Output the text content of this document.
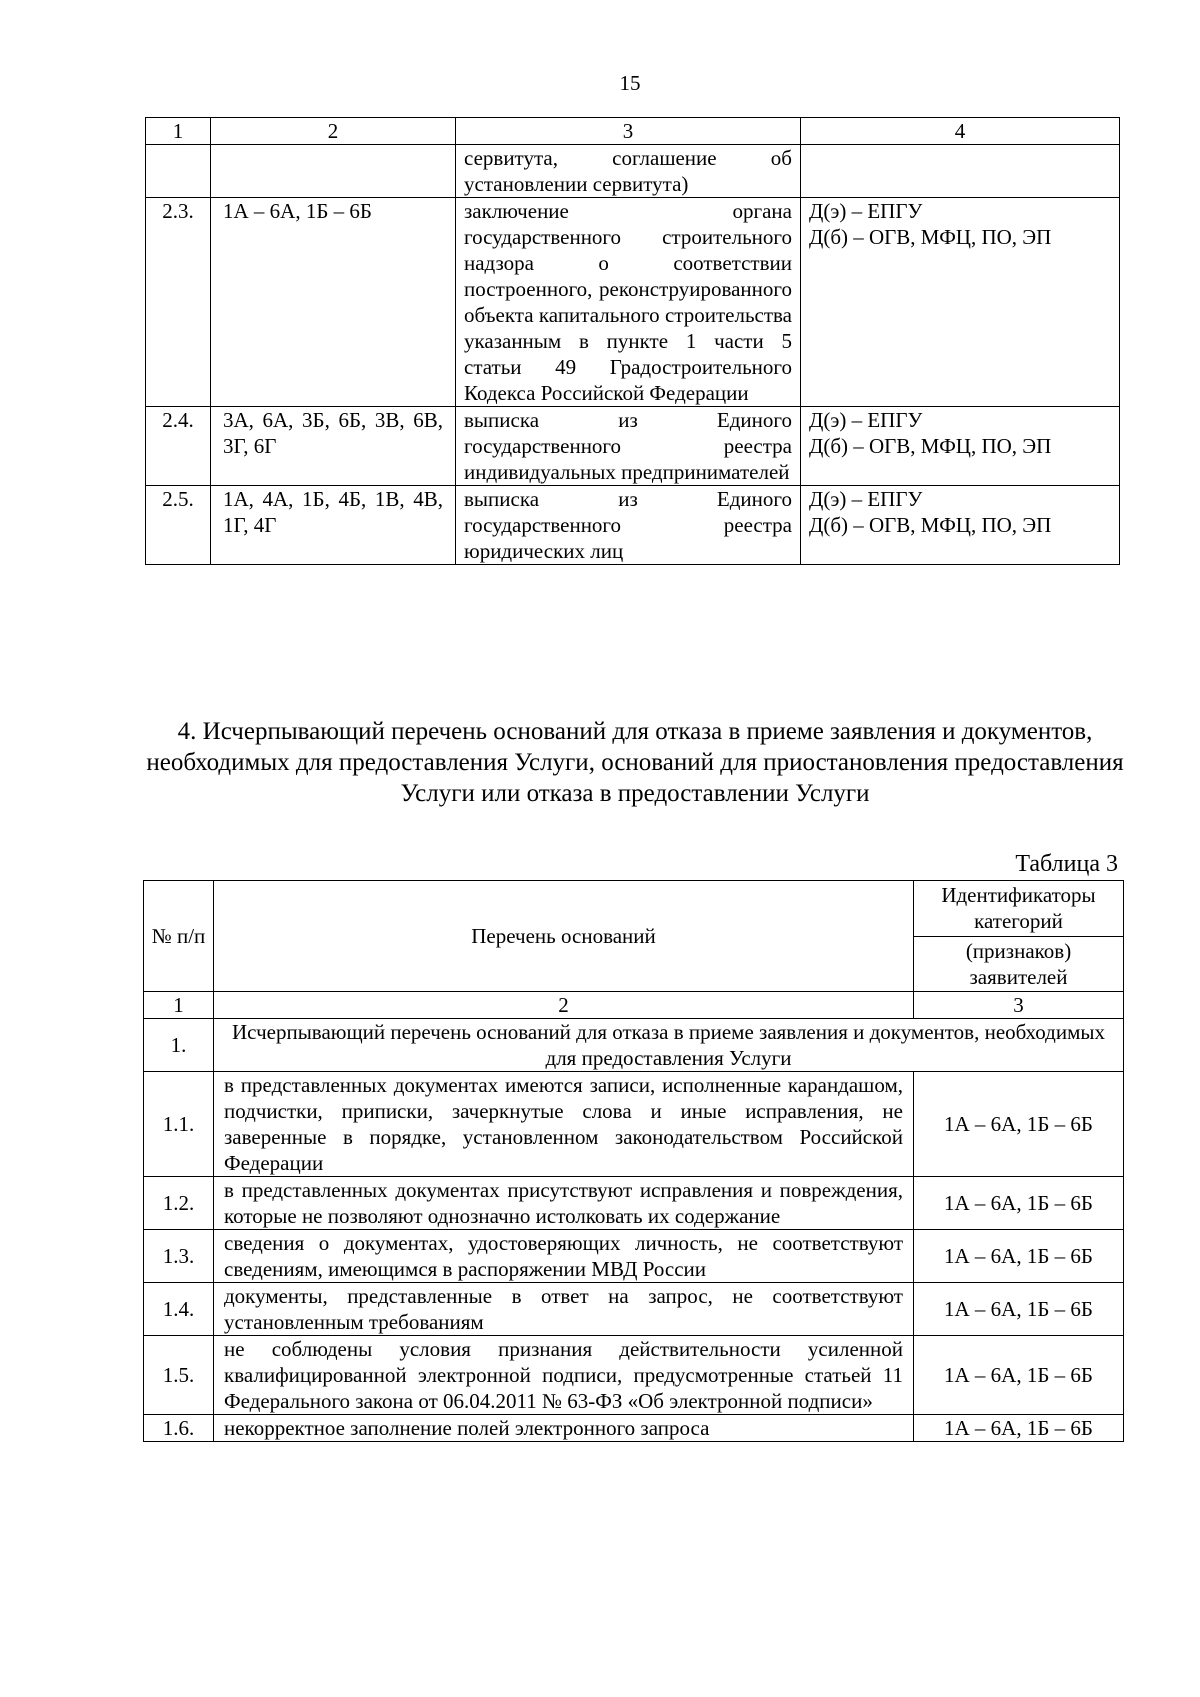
15
1	2	3	4
		сервитута, соглашение об установлении сервитута)	
2.3.	1А – 6А, 1Б – 6Б	заключение органа государственного строительного надзора о соответствии построенного, реконструированного объекта капитального строительства указанным в пункте 1 части 5 статьи 49 Градостроительного Кодекса Российской Федерации	Д(э) – ЕПГУ
Д(б) – ОГВ, МФЦ, ПО, ЭП

2.4.	3А, 6А, 3Б, 6Б, 3В, 6В, 3Г, 6Г	выписка из Единого государственного реестра индивидуальных предпринимателей	Д(э) – ЕПГУ
Д(б) – ОГВ, МФЦ, ПО, ЭП

2.5.	1А, 4А, 1Б, 4Б, 1В, 4В, 1Г, 4Г	выписка из Единого государственного реестра юридических лиц	Д(э) – ЕПГУ
Д(б) – ОГВ, МФЦ, ПО, ЭП
4. Исчерпывающий перечень оснований для отказа в приеме заявления и документов, необходимых для предоставления Услуги, оснований для приостановления предоставления Услуги или отказа в предоставлении Услуги
Таблица 3
№ п/п	Перечень оснований	Идентификаторы категорий
		(признаков) заявителей
1	2	3
1.	Исчерпывающий перечень оснований для отказа в приеме заявления и документов, необходимых для предоставления Услуги	
1.1.	в представленных документах имеются записи, исполненные карандашом, подчистки, приписки, зачеркнутые слова и иные исправления, не заверенные в порядке, установленном законодательством Российской Федерации	1А – 6А, 1Б – 6Б
1.2.	в представленных документах присутствуют исправления и повреждения, которые не позволяют однозначно истолковать их содержание	1А – 6А, 1Б – 6Б
1.3.	сведения о документах, удостоверяющих личность, не соответствуют сведениям, имеющимся в распоряжении МВД России	1А – 6А, 1Б – 6Б
1.4.	документы, представленные в ответ на запрос, не соответствуют установленным требованиям	1А – 6А, 1Б – 6Б
1.5.	не соблюдены условия признания действительности усиленной квалифицированной электронной подписи, предусмотренные статьей 11 Федерального закона от 06.04.2011 № 63-ФЗ «Об электронной подписи»	1А – 6А, 1Б – 6Б
1.6.	некорректное заполнение полей электронного запроса	1А – 6А, 1Б – 6Б
